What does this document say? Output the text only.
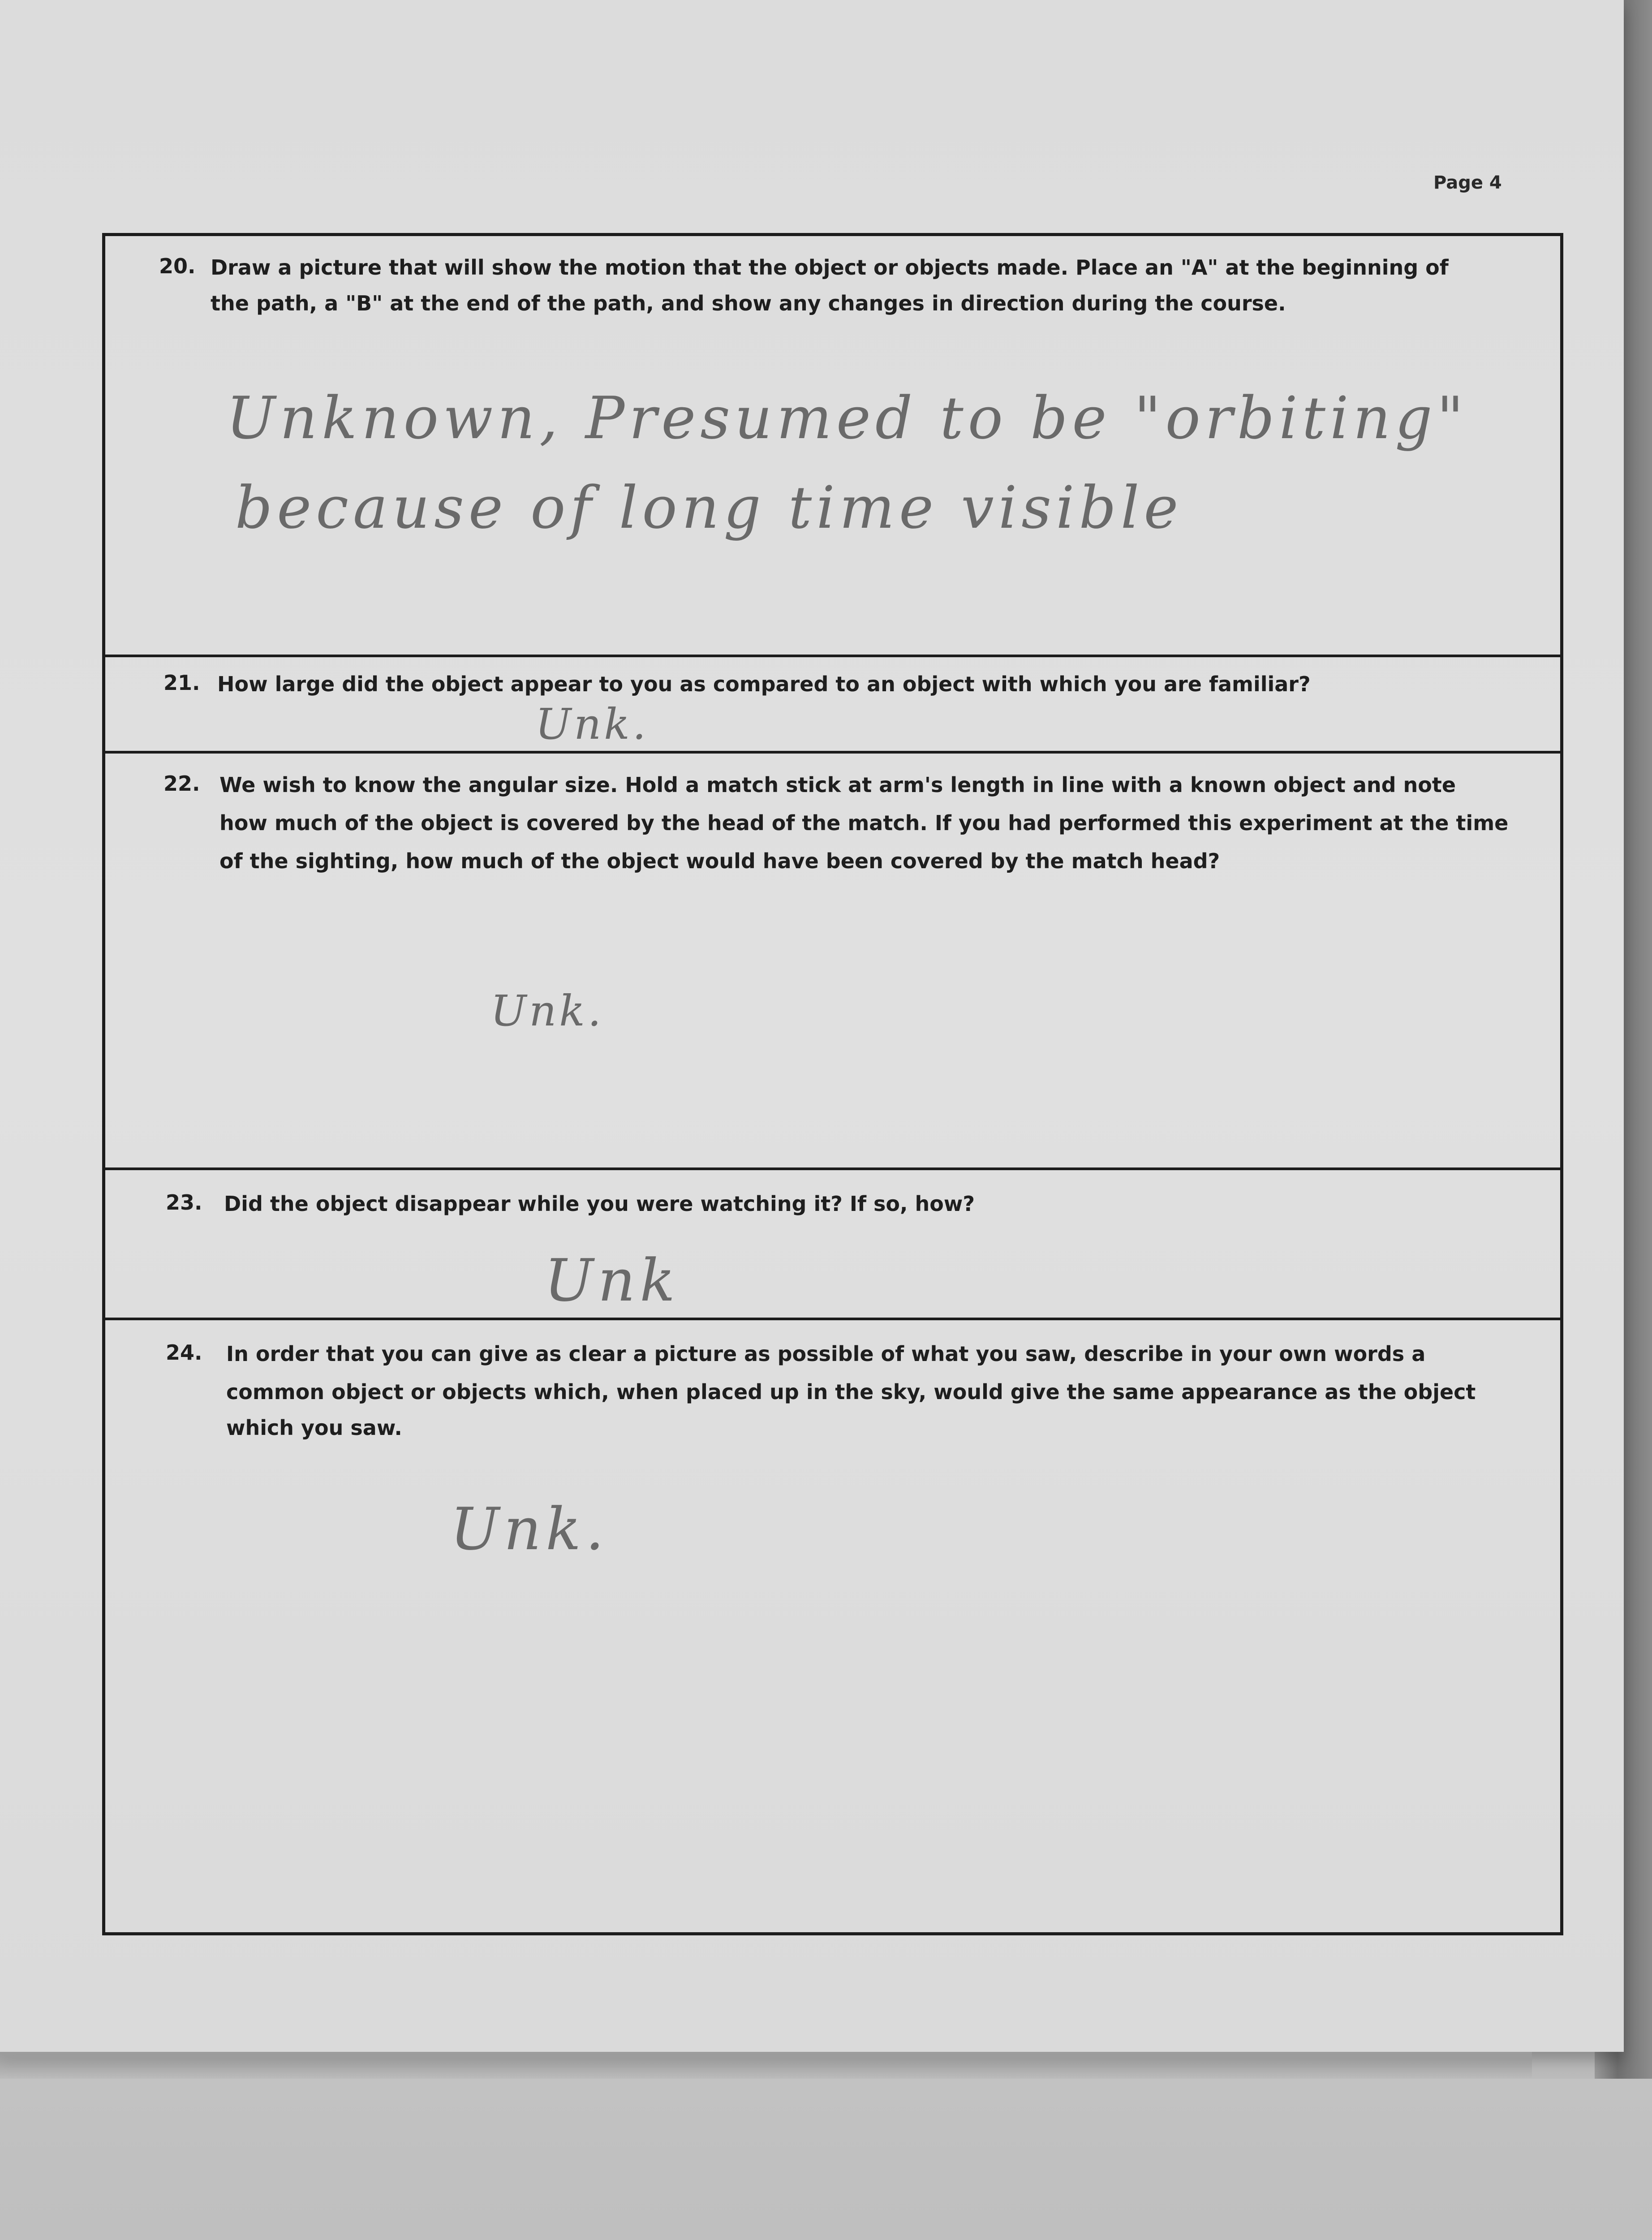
Page 4
20. Draw a picture that will show the motion that the object or objects made. Place an "A" at the beginning of
the path, a "B" at the end of the path, and show any changes in direction during the course.
Unknown, Presumed to be "orbiting"
because of long time visible
21. How large did the object appear to you as compared to an object with which you are familiar?
Unk.
22. We wish to know the angular size. Hold a match stick at arm's length in line with a known object and note
how much of the object is covered by the head of the match. If you had performed this experiment at the time
of the sighting, how much of the object would have been covered by the match head?
Unk.
23. Did the object disappear while you were watching it? If so, how?
Unk
24. In order that you can give as clear a picture as possible of what you saw, describe in your own words a
common object or objects which, when placed up in the sky, would give the same appearance as the object
which you saw.
Unk.
